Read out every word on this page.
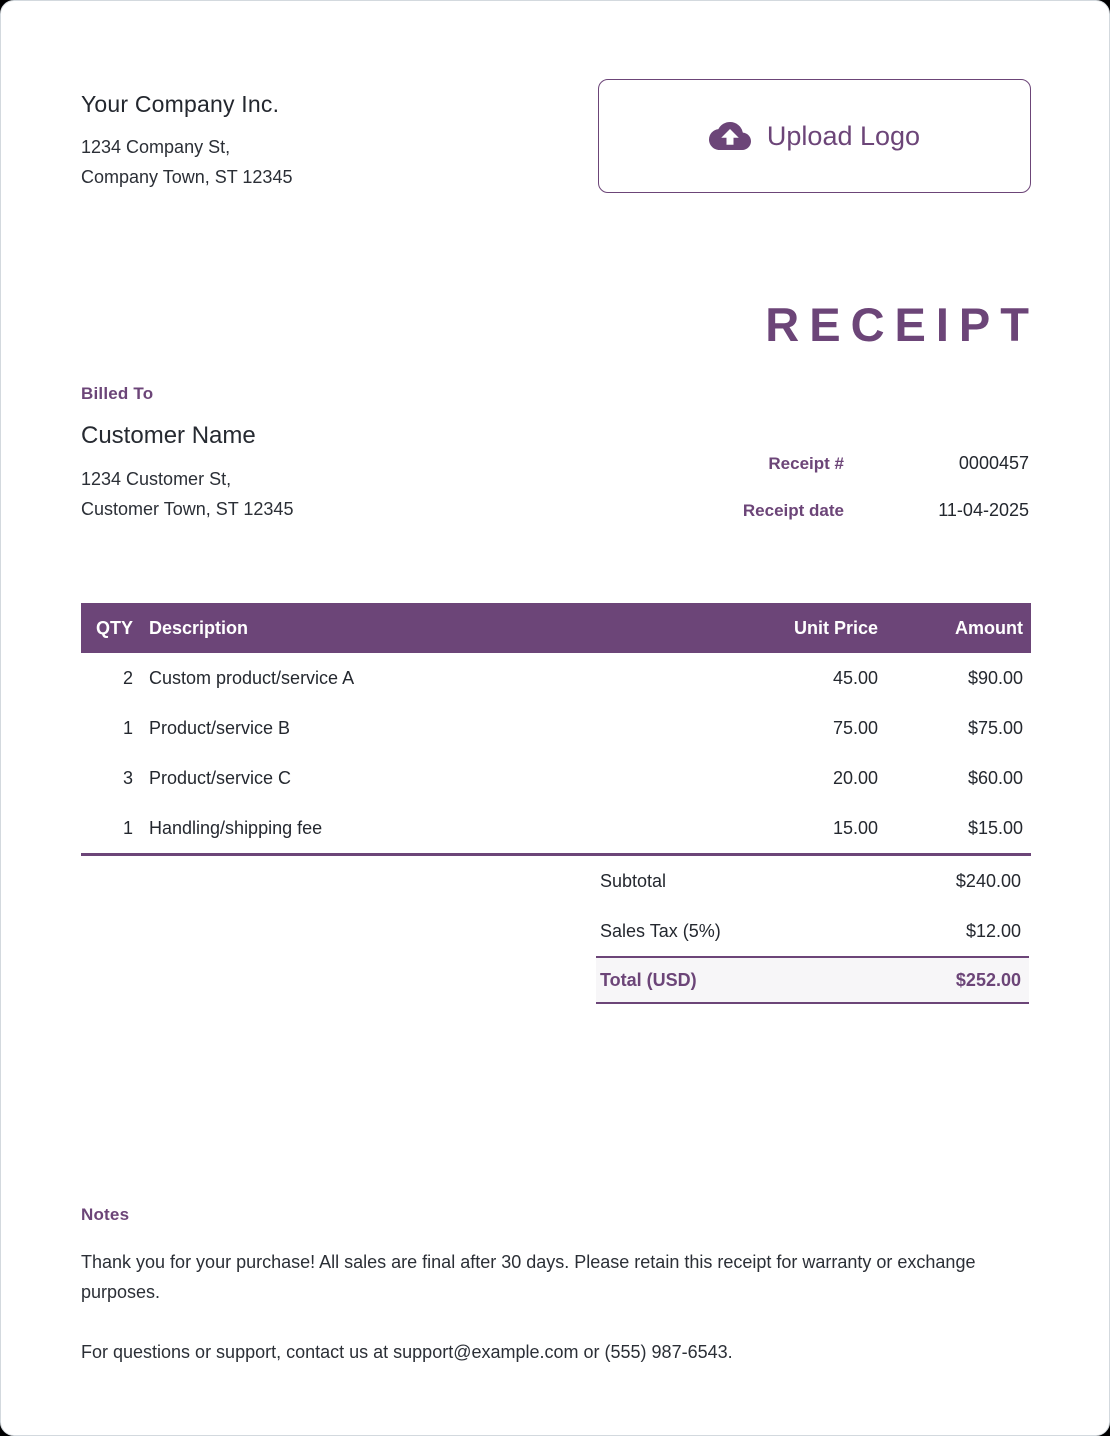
Your Company Inc.
1234 Company St,
Company Town, ST 12345
Upload Logo
RECEIPT
Billed To
Customer Name
1234 Customer St,
Customer Town, ST 12345
Receipt #	0000457
Receipt date	11-04-2025
QTY Description	Unit Price	Amount
2 Custom product/service A	45.00	$90.00
1 Product/service B	75.00	$75.00
3 Product/service C	20.00	$60.00
1 Handling/shipping fee	15.00	$15.00
Subtotal	$240.00
Sales Tax (5%)	$12.00
Total (USD)	$252.00
Notes
Thank you for your purchase! All sales are final after 30 days. Please retain this receipt for warranty or exchange purposes.
For questions or support, contact us at support@example.com or (555) 987-6543.
